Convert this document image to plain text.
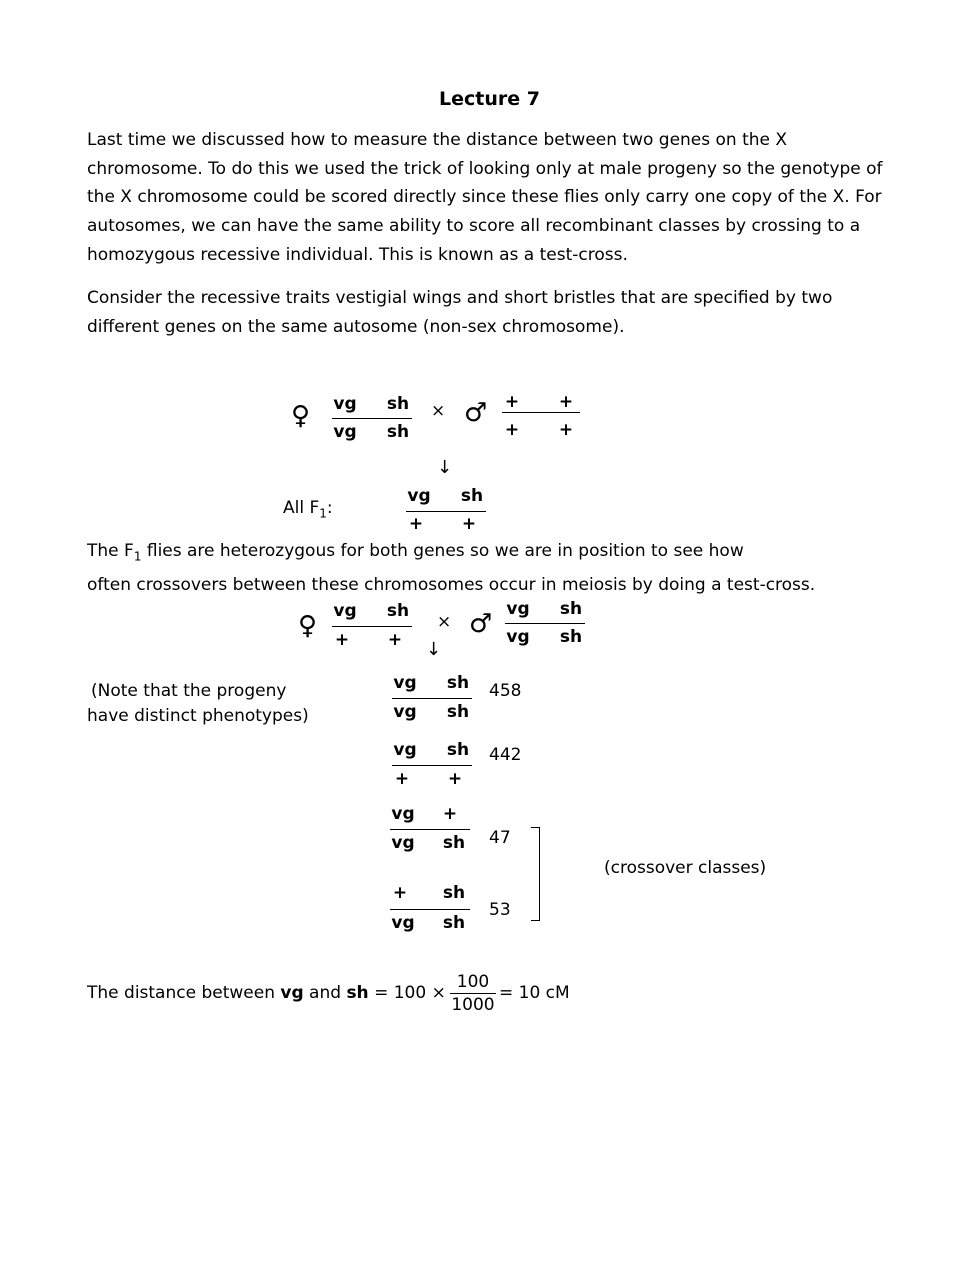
Lecture 7
Last time we discussed how to measure the distance between two genes on the X chromosome. To do this we used the trick of looking only at male progeny so the genotype of the X chromosome could be scored directly since these flies only carry one copy of the X. For autosomes, we can have the same ability to score all recombinant classes by crossing to a homozygous recessive individual. This is known as a test-cross.
Consider the recessive traits vestigial wings and short bristles that are specified by two different genes on the same autosome (non-sex chromosome).
♀ vg sh
vg sh
× ♂ + +
+ +
↓
All $F_1$:
vg sh
+ +
The $F_1$ flies are heterozygous for both genes so we are in position to see how
often crossovers between these chromosomes occur in meiosis by doing a test-cross.
♀ vg sh
+ +
×
↓
♂ vg sh
vg sh
(Note that the progeny
have distinct phenotypes)
vg sh
vg sh
458
vg sh
+ +
442
vg +
vg sh 47
+ sh
vg sh
53
(crossover classes)
The distance between vg and sh = 100 ×
100
1000
= 10 cM
